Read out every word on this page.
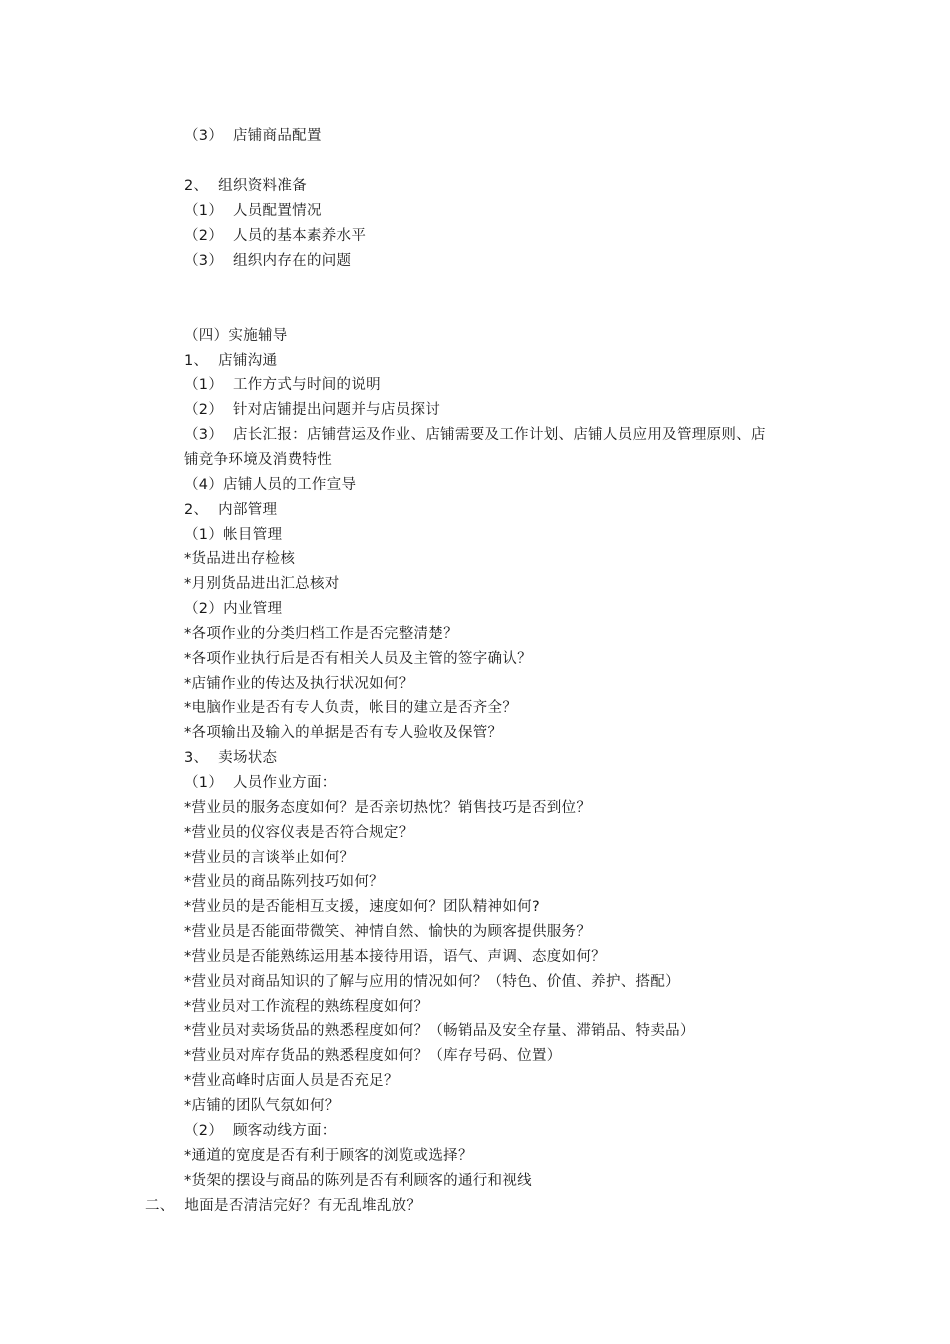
（3）  店铺商品配置
2、  组织资料准备
（1）  人员配置情况
（2）  人员的基本素养水平
（3）  组织内存在的问题
（四）实施辅导
1、  店铺沟通
（1）  工作方式与时间的说明
（2）  针对店铺提出问题并与店员探讨
（3）  店长汇报：店铺营运及作业、店铺需要及工作计划、店铺人员应用及管理原则、店
铺竞争环境及消费特性
（4）店铺人员的工作宣导
2、  内部管理
（1）帐目管理
*货品进出存检核
*月别货品进出汇总核对
（2）内业管理
*各项作业的分类归档工作是否完整清楚？
*各项作业执行后是否有相关人员及主管的签字确认？
*店铺作业的传达及执行状况如何？
*电脑作业是否有专人负责，帐目的建立是否齐全？
*各项输出及输入的单据是否有专人验收及保管？
3、  卖场状态
（1）  人员作业方面：
*营业员的服务态度如何？是否亲切热忱？销售技巧是否到位？
*营业员的仪容仪表是否符合规定？
*营业员的言谈举止如何？
*营业员的商品陈列技巧如何？
*营业员的是否能相互支援，速度如何？团队精神如何?
*营业员是否能面带微笑、神情自然、愉快的为顾客提供服务？
*营业员是否能熟练运用基本接待用语，语气、声调、态度如何？
*营业员对商品知识的了解与应用的情况如何？（特色、价值、养护、搭配）
*营业员对工作流程的熟练程度如何？
*营业员对卖场货品的熟悉程度如何？（畅销品及安全存量、滞销品、特卖品）
*营业员对库存货品的熟悉程度如何？（库存号码、位置）
*营业高峰时店面人员是否充足？
*店铺的团队气氛如何？
（2）  顾客动线方面：
*通道的宽度是否有利于顾客的浏览或选择？
*货架的摆设与商品的陈列是否有利顾客的通行和视线
二、  地面是否清洁完好？有无乱堆乱放？
